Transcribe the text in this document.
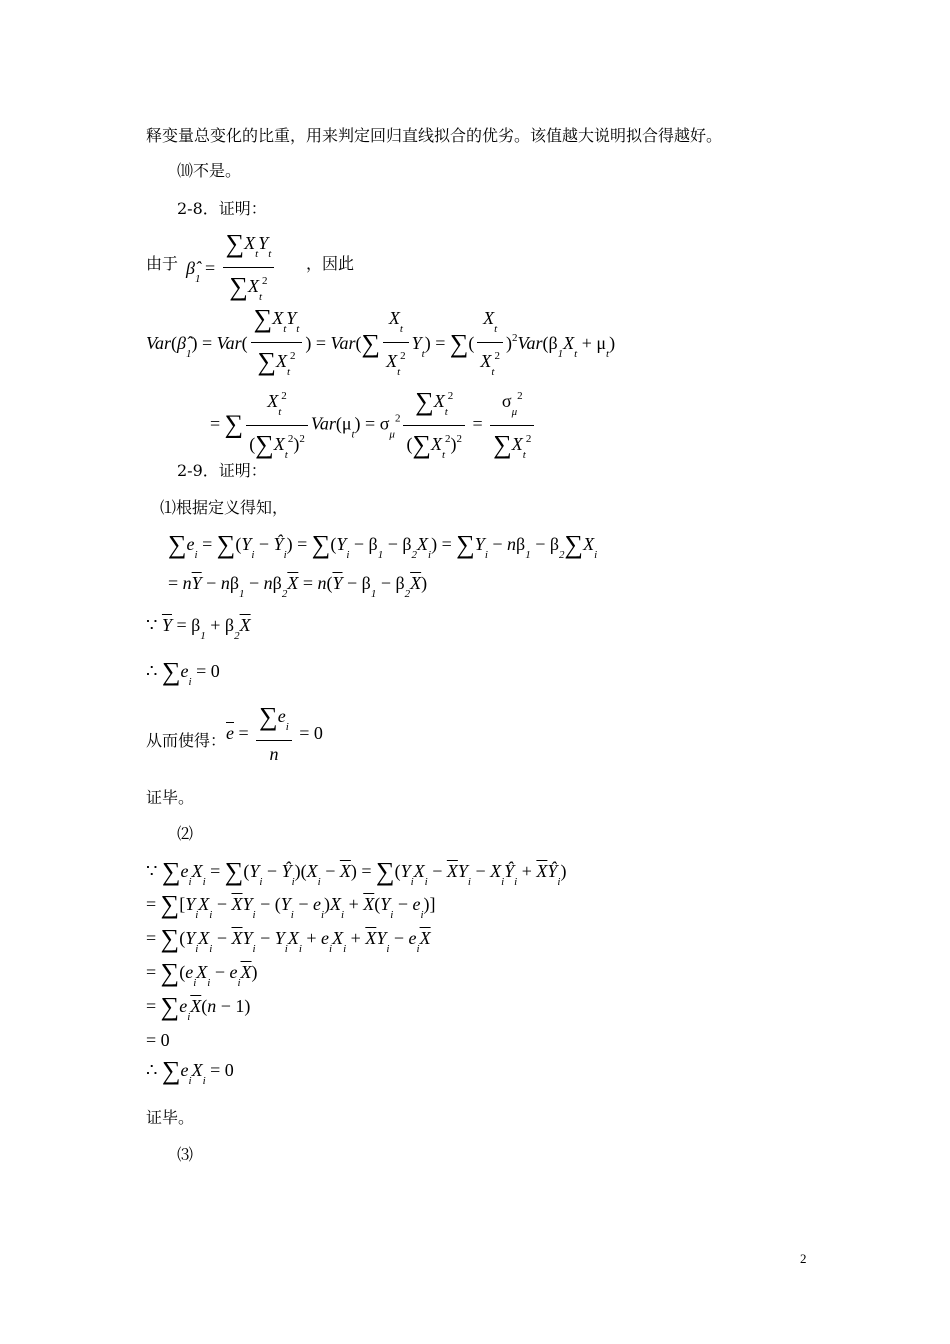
释变量总变化的比重，用来判定回归直线拟合的优劣。该值越大说明拟合得越好。
⑽不是。
2-8．证明：
由于 $\betâ_1 = \frac{\sum X_tY_t}{\sum X_t^2}$ ，因此
$Var(\betâ_1) = Var( \frac{\sum X_tY_t}{\sum X_t^2}$ ) = $Var(\sum \frac{X_t}{X_t^2} Y_t)$ = ∑( $\frac{X_t}{X_t^2} )^2Var(\beta_1X_t + \mu_t)$
= ∑ $\frac{X_t^2}{(\sum X_t^2)^2} Var(\mu_t) = \sigma_\mu^2 \frac{\sum X_t^2}{(\sum X_t^2)^2} = \frac{\sigma_\mu^2}{\sum X_t^2}$
2-9．证明：
⑴根据定义得知，
$\sum e_i = \sum(Y_i$ − $Ŷ_i) = \sum(Y_i - \beta_1 - \beta_2X_i) = \sum Y_i - n\beta_1 - \beta_2\sum X_i$
= $n\overline{Y} - n\beta_1 - n\beta_2\overline{X} = n(\overline{Y} - \beta_1 - \beta_2\overline{X})$
∵ $\overline{Y} = \beta_1 + \beta_2\overline{X}$
∴ $\sum e_i = 0$
从而使得： $\overline{e} = \frac{\sum e_i}{n} = 0$
证毕。
⑵
∵ $\sum e_iX_i = \sum(Y_i$ − $Ŷ_i)(X_i - \overline{X}) = \sum(Y_iX_i - \overline{X}Y_i$ − $X_iŶ_i$ + $\overline{X}Ŷ_i$)
= $\sum[Y_iX_i - \overline{X}Y_i - (Y_i - e_i)X_i + \overline{X}(Y_i - e_i)]$
= $\sum(Y_iX_i - \overline{X}Y_i - Y_iX_i + e_iX_i + \overline{X}Y_i - e_i\overline{X}$
= $\sum(e_iX_i - e_i\overline{X})$
= $\sum e_i\overline{X}(n - 1)$
= 0
∴ $\sum e_iX_i = 0$
证毕。
⑶
2
